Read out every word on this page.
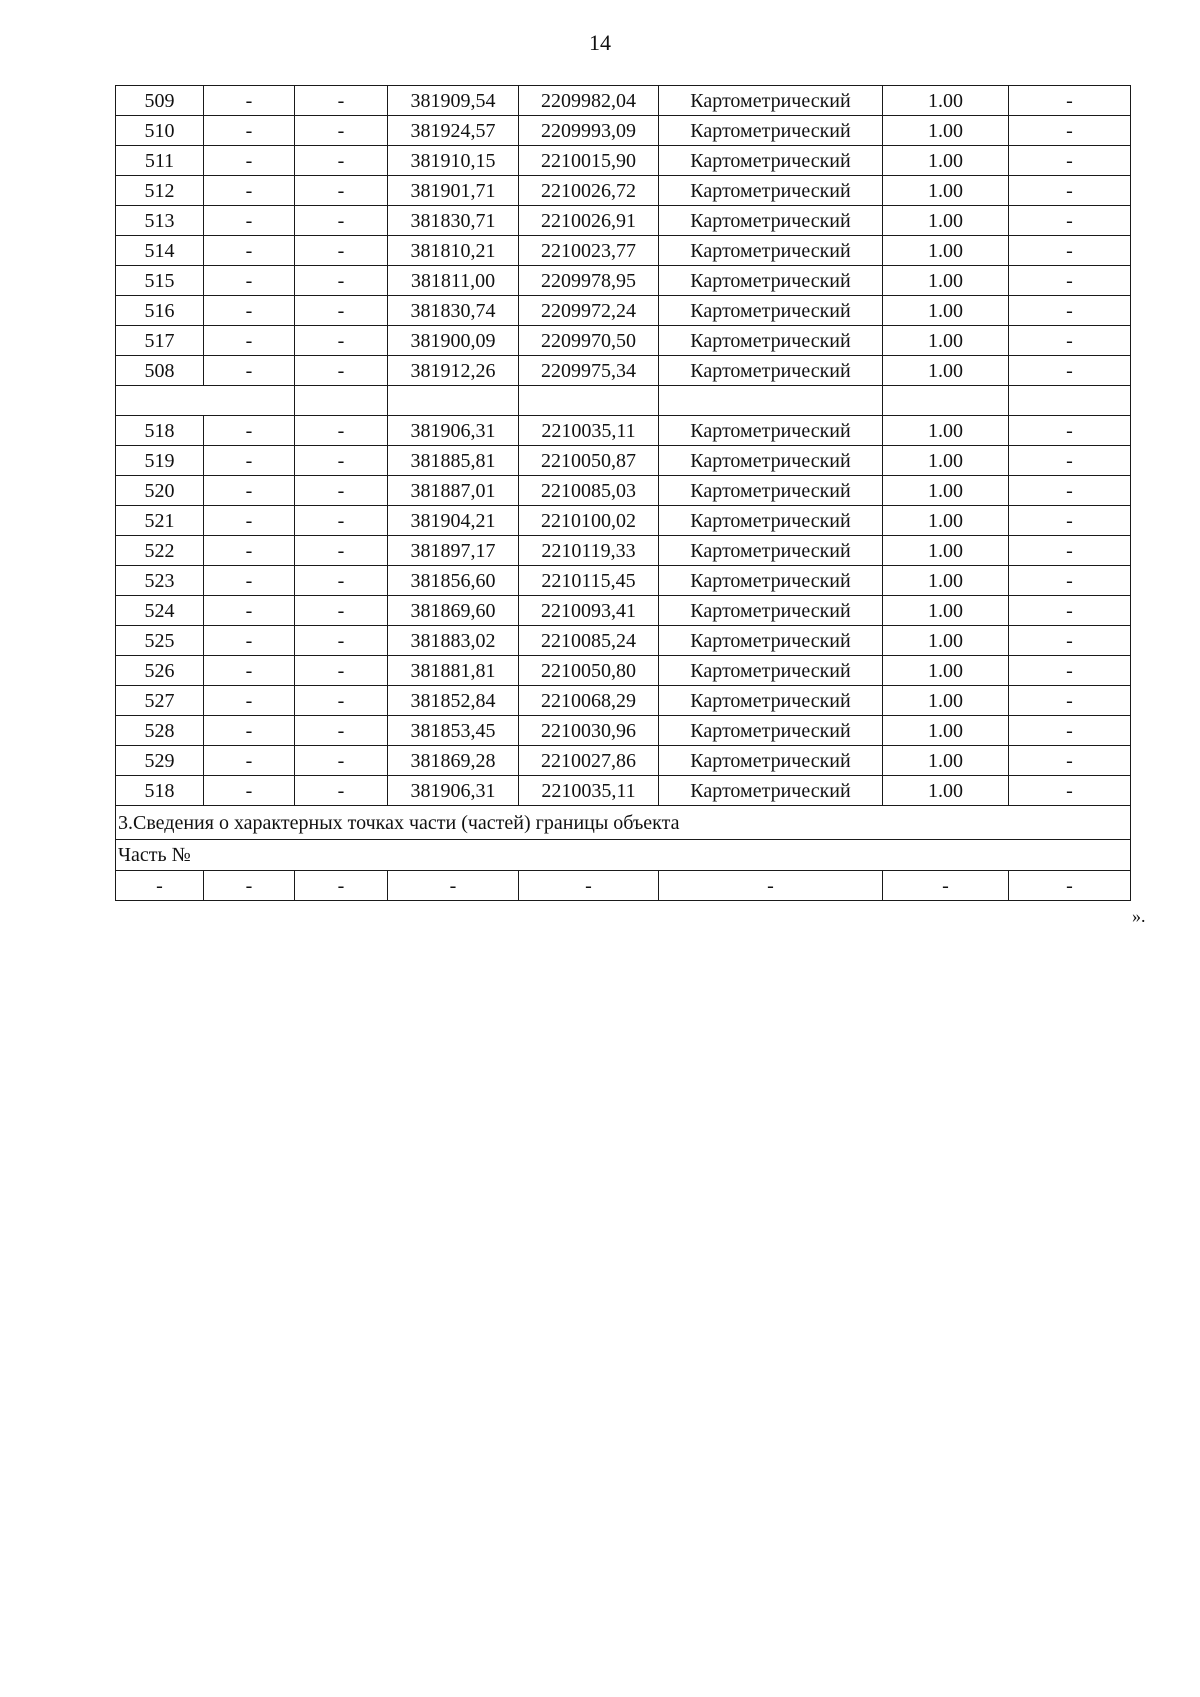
14
509	-	-	381909,54	2209982,04	Картометрический	1.00	-
510	-	-	381924,57	2209993,09	Картометрический	1.00	-
511	-	-	381910,15	2210015,90	Картометрический	1.00	-
512	-	-	381901,71	2210026,72	Картометрический	1.00	-
513	-	-	381830,71	2210026,91	Картометрический	1.00	-
514	-	-	381810,21	2210023,77	Картометрический	1.00	-
515	-	-	381811,00	2209978,95	Картометрический	1.00	-
516	-	-	381830,74	2209972,24	Картометрический	1.00	-
517	-	-	381900,09	2209970,50	Картометрический	1.00	-
508	-	-	381912,26	2209975,34	Картометрический	1.00	-

518	-	-	381906,31	2210035,11	Картометрический	1.00	-
519	-	-	381885,81	2210050,87	Картометрический	1.00	-
520	-	-	381887,01	2210085,03	Картометрический	1.00	-
521	-	-	381904,21	2210100,02	Картометрический	1.00	-
522	-	-	381897,17	2210119,33	Картометрический	1.00	-
523	-	-	381856,60	2210115,45	Картометрический	1.00	-
524	-	-	381869,60	2210093,41	Картометрический	1.00	-
525	-	-	381883,02	2210085,24	Картометрический	1.00	-
526	-	-	381881,81	2210050,80	Картометрический	1.00	-
527	-	-	381852,84	2210068,29	Картометрический	1.00	-
528	-	-	381853,45	2210030,96	Картометрический	1.00	-
529	-	-	381869,28	2210027,86	Картометрический	1.00	-
518	-	-	381906,31	2210035,11	Картометрический	1.00	-
3.Сведения о характерных точках части (частей) границы объекта							
Часть №							
-	-	-	-	-	-	-	-
».
